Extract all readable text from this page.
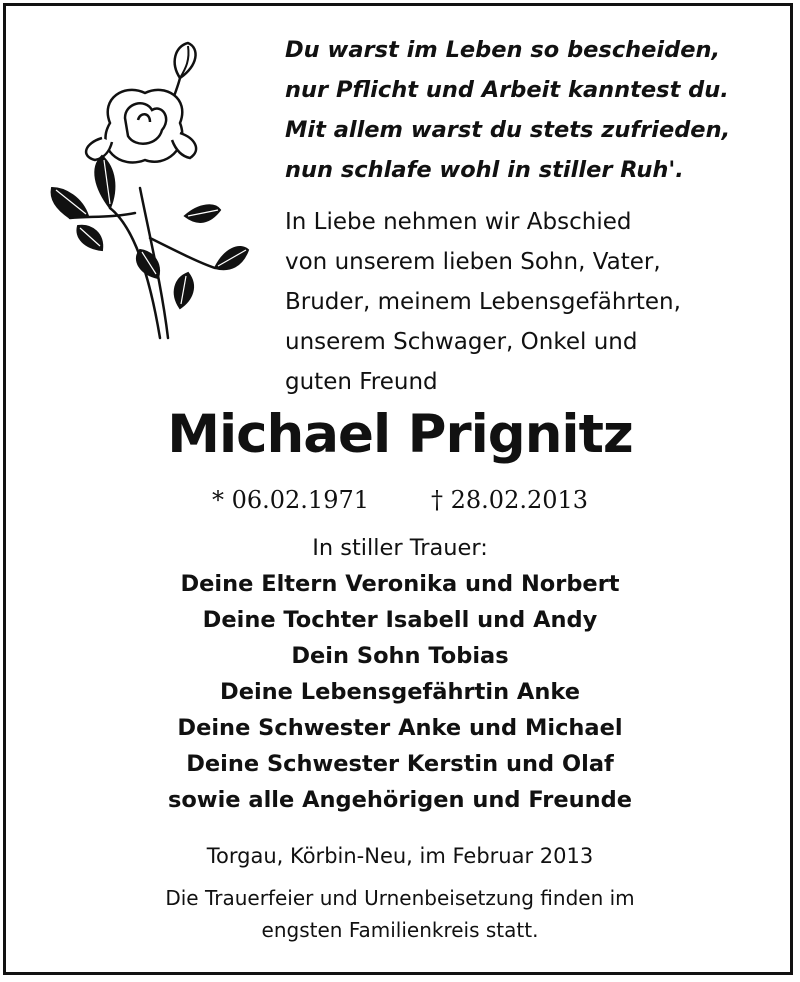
Du warst im Leben so bescheiden,
nur Pflicht und Arbeit kanntest du.
Mit allem warst du stets zufrieden,
nun schlafe wohl in stiller Ruh'.
In Liebe nehmen wir Abschied
von unserem lieben Sohn, Vater,
Bruder, meinem Lebensgefährten,
unserem Schwager, Onkel und
guten Freund
Michael Prignitz
* 06.02.1971	† 28.02.2013
In stiller Trauer:
Deine Eltern Veronika und Norbert
Deine Tochter Isabell und Andy
Dein Sohn Tobias
Deine Lebensgefährtin Anke
Deine Schwester Anke und Michael
Deine Schwester Kerstin und Olaf
sowie alle Angehörigen und Freunde
Torgau, Körbin-Neu, im Februar 2013
Die Trauerfeier und Urnenbeisetzung finden im
engsten Familienkreis statt.
